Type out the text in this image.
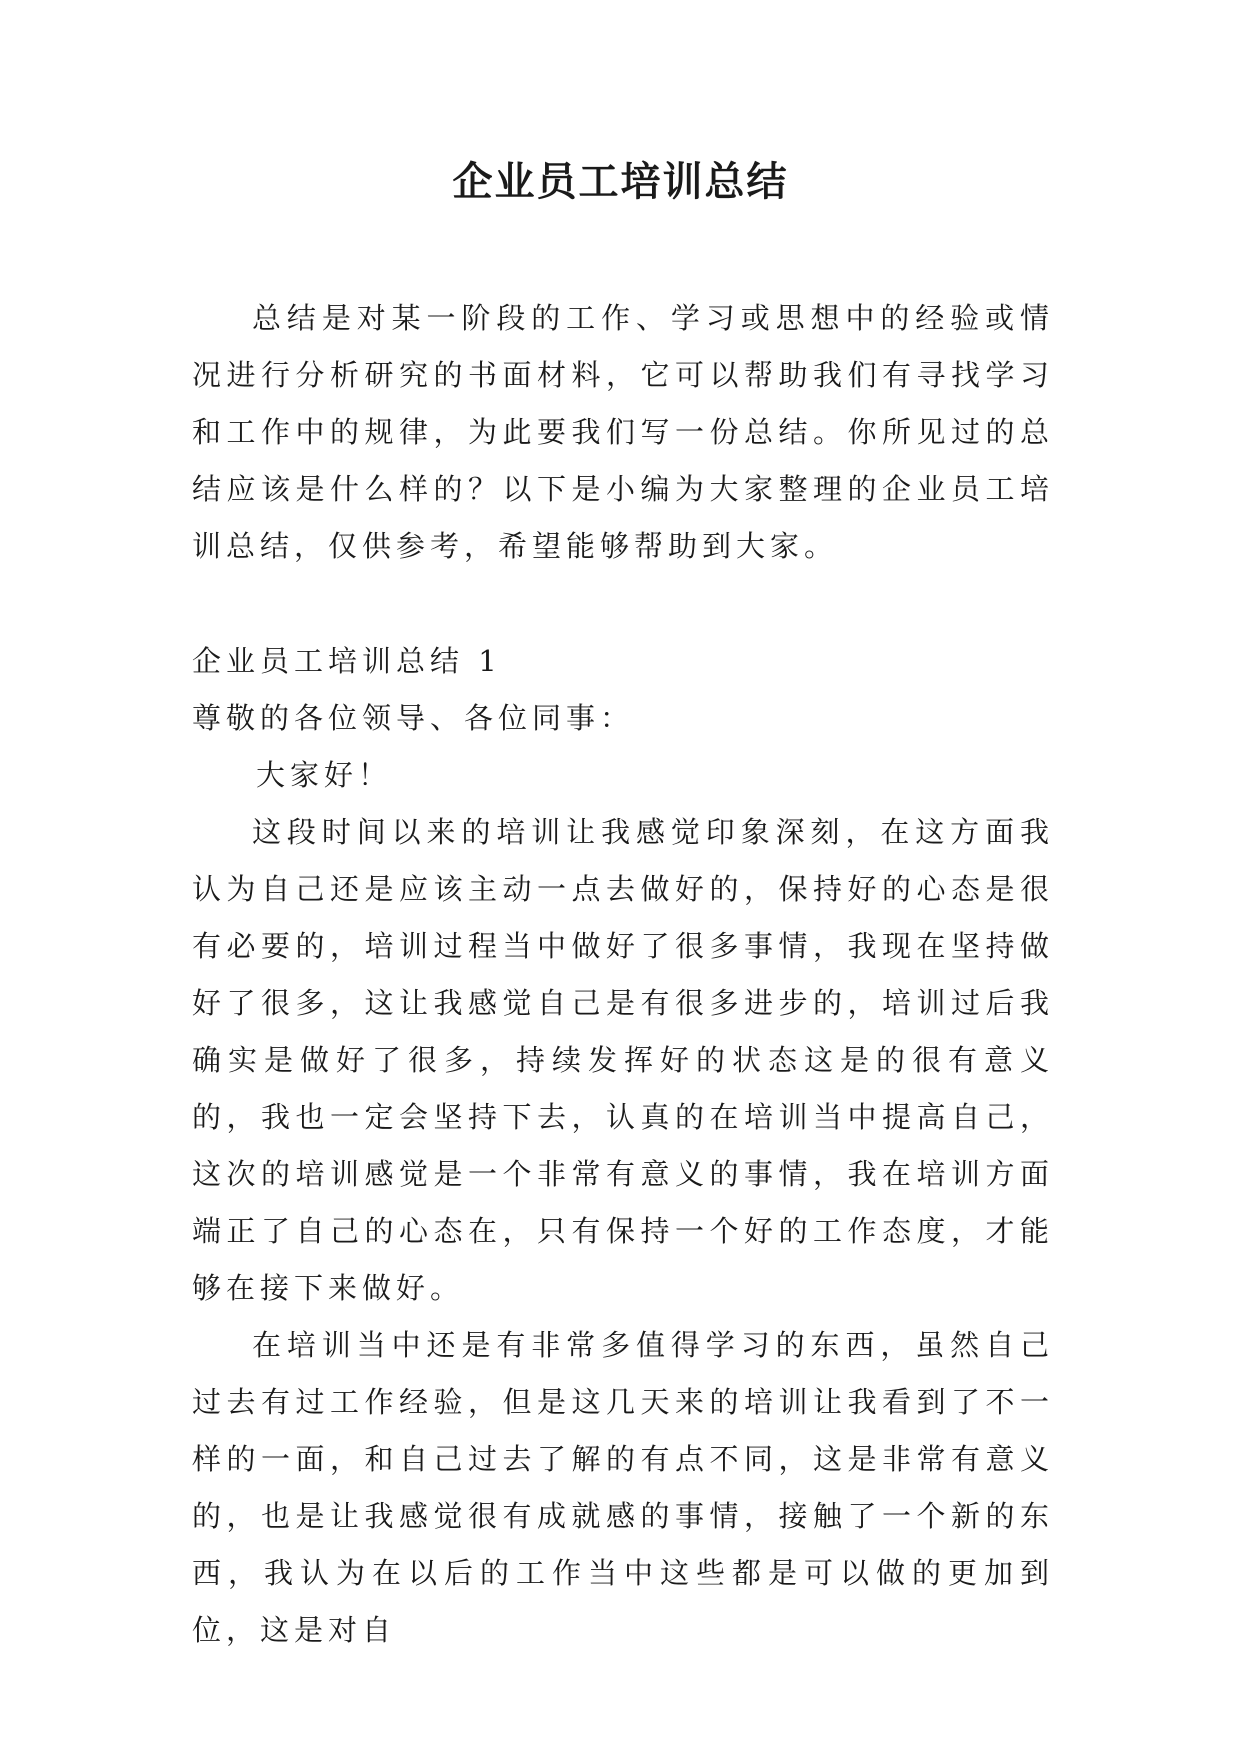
企业员工培训总结

总结是对某一阶段的工作、学习或思想中的经验或情况进行分析研究的书面材料，它可以帮助我们有寻找学习和工作中的规律，为此要我们写一份总结。你所见过的总结应该是什么样的？以下是小编为大家整理的企业员工培训总结，仅供参考，希望能够帮助到大家。

企业员工培训总结 1

尊敬的各位领导、各位同事：

大家好！

这段时间以来的培训让我感觉印象深刻，在这方面我认为自己还是应该主动一点去做好的，保持好的心态是很有必要的，培训过程当中做好了很多事情，我现在坚持做好了很多，这让我感觉自己是有很多进步的，培训过后我确实是做好了很多，持续发挥好的状态这是的很有意义的，我也一定会坚持下去，认真的在培训当中提高自己，这次的培训感觉是一个非常有意义的事情，我在培训方面端正了自己的心态在，只有保持一个好的工作态度，才能够在接下来做好。

在培训当中还是有非常多值得学习的东西，虽然自己过去有过工作经验，但是这几天来的培训让我看到了不一样的一面，和自己过去了解的有点不同，这是非常有意义的，也是让我感觉很有成就感的事情，接触了一个新的东西，我认为在以后的工作当中这些都是可以做的更加到位，这是对自
